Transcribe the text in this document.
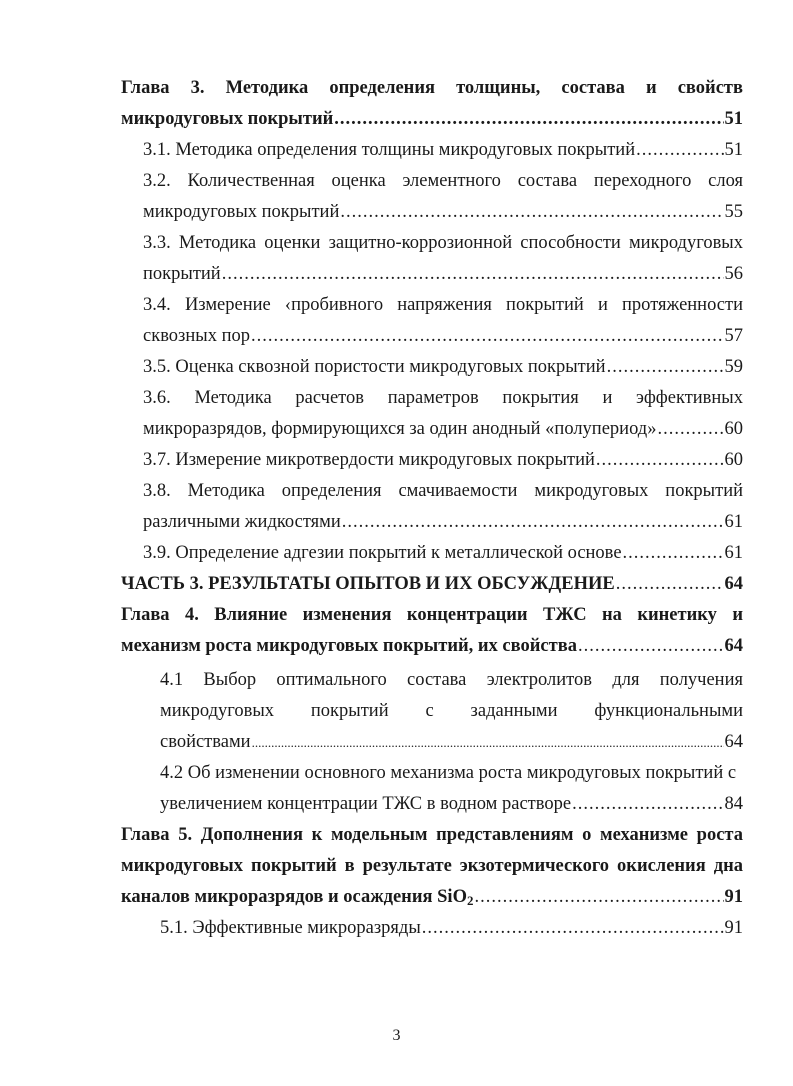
Глава 3. Методика определения толщины, состава и свойств
микродуговых покрытий .....	51
3.1. Методика определения толщины микродуговых покрытий .....	51
3.2. Количественная оценка элементного состава переходного слоя
микродуговых покрытий .....	55
3.3. Методика оценки защитно-коррозионной способности микродуговых
покрытий .....	56
3.4. Измерение ‹пробивного напряжения покрытий и протяженности
сквозных пор .....	57
3.5. Оценка сквозной пористости микродуговых покрытий .....	59
3.6. Методика расчетов параметров покрытия и эффективных
микроразрядов, формирующихся за один анодный «полупериод» .....	60
3.7. Измерение микротвердости микродуговых покрытий .....	60
3.8. Методика определения смачиваемости микродуговых покрытий
различными жидкостями .....	61
3.9. Определение адгезии покрытий к металлической основе .....	61
ЧАСТЬ 3. РЕЗУЛЬТАТЫ ОПЫТОВ И ИХ ОБСУЖДЕНИЕ .....	64
Глава 4. Влияние изменения концентрации ТЖС на кинетику и
механизм роста микродуговых покрытий, их свойства .....	64
4.1 Выбор оптимального состава электролитов для получения
микродуговых покрытий с заданными функциональными
свойствами .....	64
4.2 Об изменении основного механизма роста микродуговых покрытий с
увеличением концентрации ТЖС в водном растворе .....	84
Глава 5. Дополнения к модельным представлениям о механизме роста
микродуговых покрытий в результате экзотермического окисления дна
каналов микроразрядов и осаждения SiO$_2$ .....	91
5.1. Эффективные микроразряды .....	91
3
